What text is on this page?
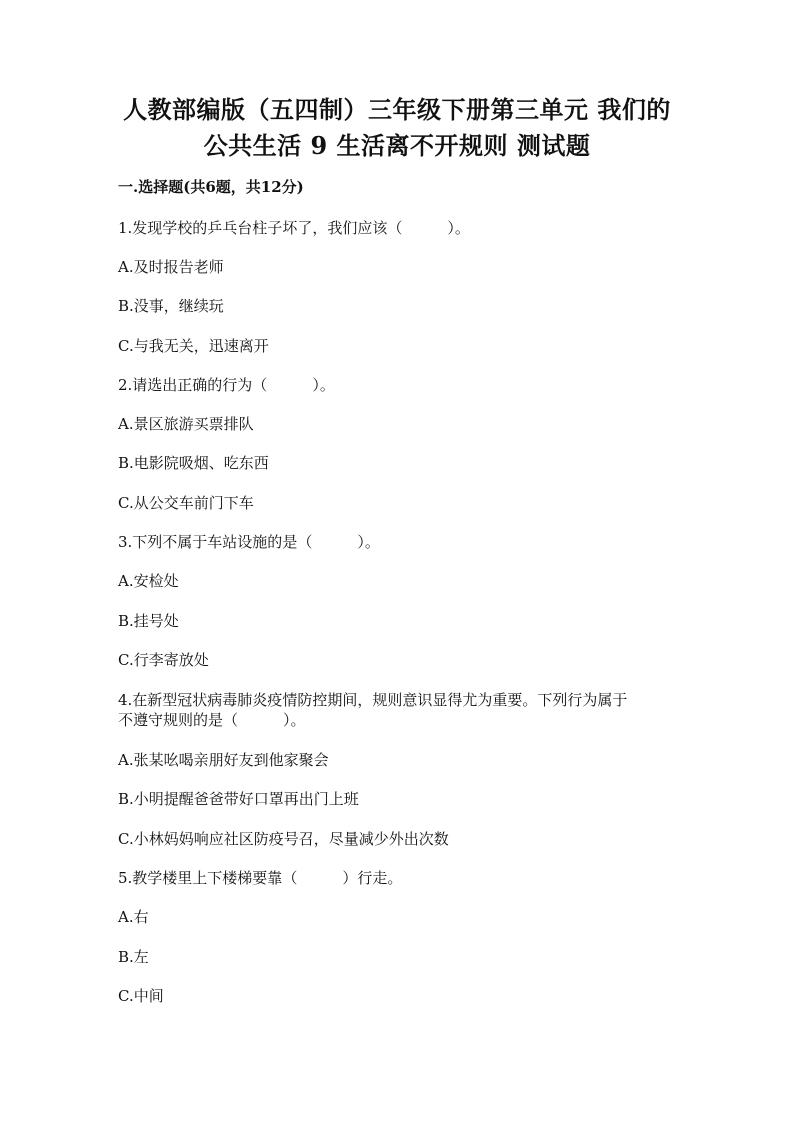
人教部编版（五四制）三年级下册第三单元 我们的
公共生活 9 生活离不开规则 测试题
一.选择题(共6题，共12分)
1.发现学校的乒乓台柱子坏了，我们应该（　　　）。
A.及时报告老师
B.没事，继续玩
C.与我无关，迅速离开
2.请选出正确的行为（　　　）。
A.景区旅游买票排队
B.电影院吸烟、吃东西
C.从公交车前门下车
3.下列不属于车站设施的是（　　　）。
A.安检处
B.挂号处
C.行李寄放处
4.在新型冠状病毒肺炎疫情防控期间，规则意识显得尤为重要。下列行为属于
不遵守规则的是（　　　）。
A.张某吆喝亲朋好友到他家聚会
B.小明提醒爸爸带好口罩再出门上班
C.小林妈妈响应社区防疫号召，尽量减少外出次数
5.教学楼里上下楼梯要靠（　　　）行走。
A.右
B.左
C.中间
